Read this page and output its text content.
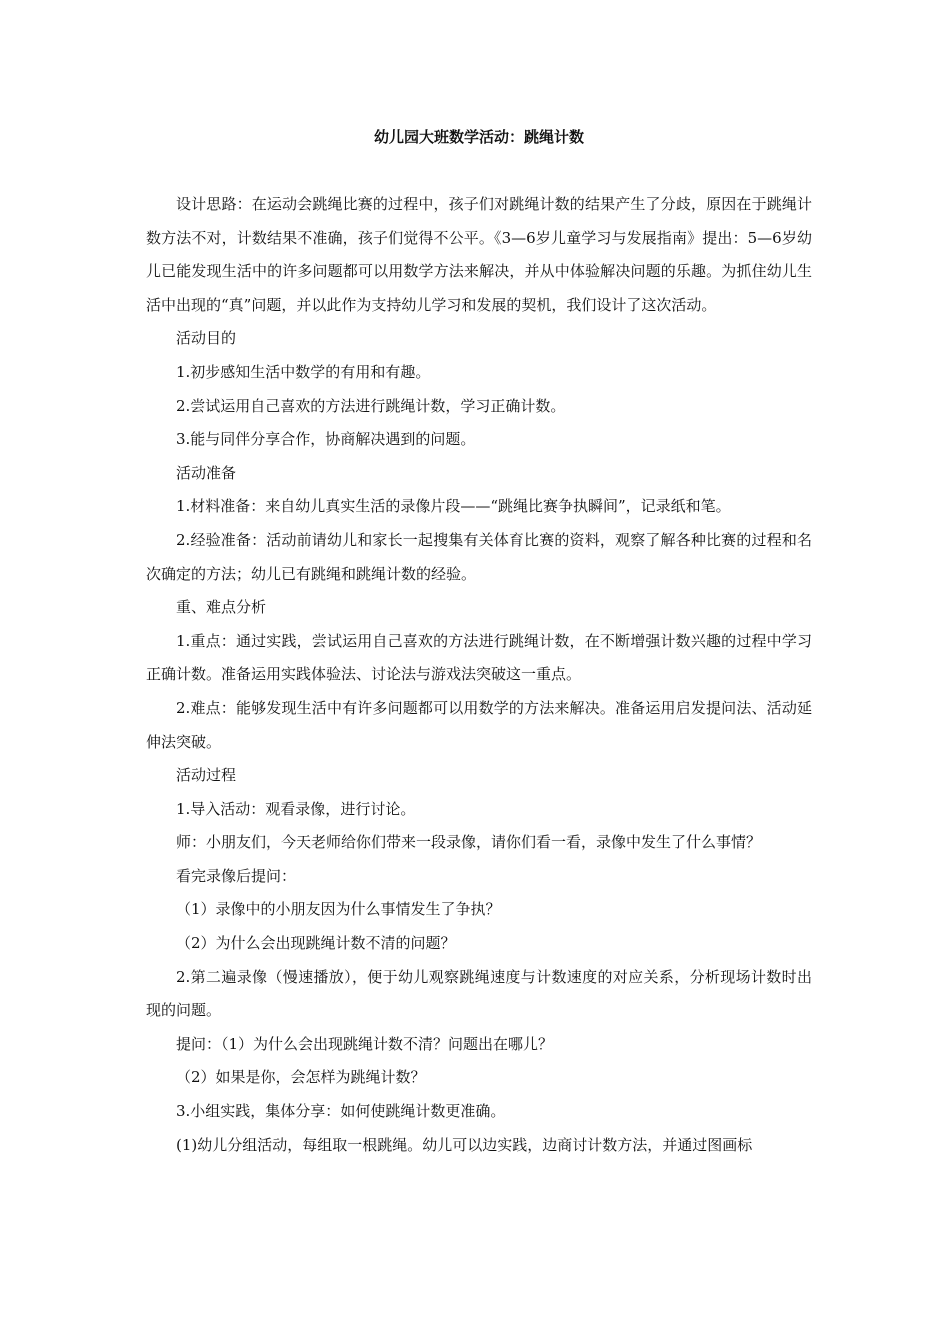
幼儿园大班数学活动：跳绳计数

设计思路：在运动会跳绳比赛的过程中，孩子们对跳绳计数的结果产生了分歧，原因在于跳绳计数方法不对，计数结果不准确，孩子们觉得不公平。《3—6岁儿童学习与发展指南》提出：5—6岁幼儿已能发现生活中的许多问题都可以用数学方法来解决，并从中体验解决问题的乐趣。为抓住幼儿生活中出现的“真”问题，并以此作为支持幼儿学习和发展的契机，我们设计了这次活动。

活动目的

1.初步感知生活中数学的有用和有趣。

2.尝试运用自己喜欢的方法进行跳绳计数，学习正确计数。

3.能与同伴分享合作，协商解决遇到的问题。

活动准备

1.材料准备：来自幼儿真实生活的录像片段——“跳绳比赛争执瞬间”，记录纸和笔。

2.经验准备：活动前请幼儿和家长一起搜集有关体育比赛的资料，观察了解各种比赛的过程和名次确定的方法；幼儿已有跳绳和跳绳计数的经验。

重、难点分析

1.重点：通过实践，尝试运用自己喜欢的方法进行跳绳计数，在不断增强计数兴趣的过程中学习正确计数。准备运用实践体验法、讨论法与游戏法突破这一重点。

2.难点：能够发现生活中有许多问题都可以用数学的方法来解决。准备运用启发提问法、活动延伸法突破。

活动过程

1.导入活动：观看录像，进行讨论。

师：小朋友们，今天老师给你们带来一段录像，请你们看一看，录像中发生了什么事情？

看完录像后提问：

（1）录像中的小朋友因为什么事情发生了争执？

（2）为什么会出现跳绳计数不清的问题？

2.第二遍录像（慢速播放），便于幼儿观察跳绳速度与计数速度的对应关系，分析现场计数时出现的问题。

提问：（1）为什么会出现跳绳计数不清？问题出在哪儿？

（2）如果是你，会怎样为跳绳计数？

3.小组实践，集体分享：如何使跳绳计数更准确。

(1)幼儿分组活动，每组取一根跳绳。幼儿可以边实践，边商讨计数方法，并通过图画标
